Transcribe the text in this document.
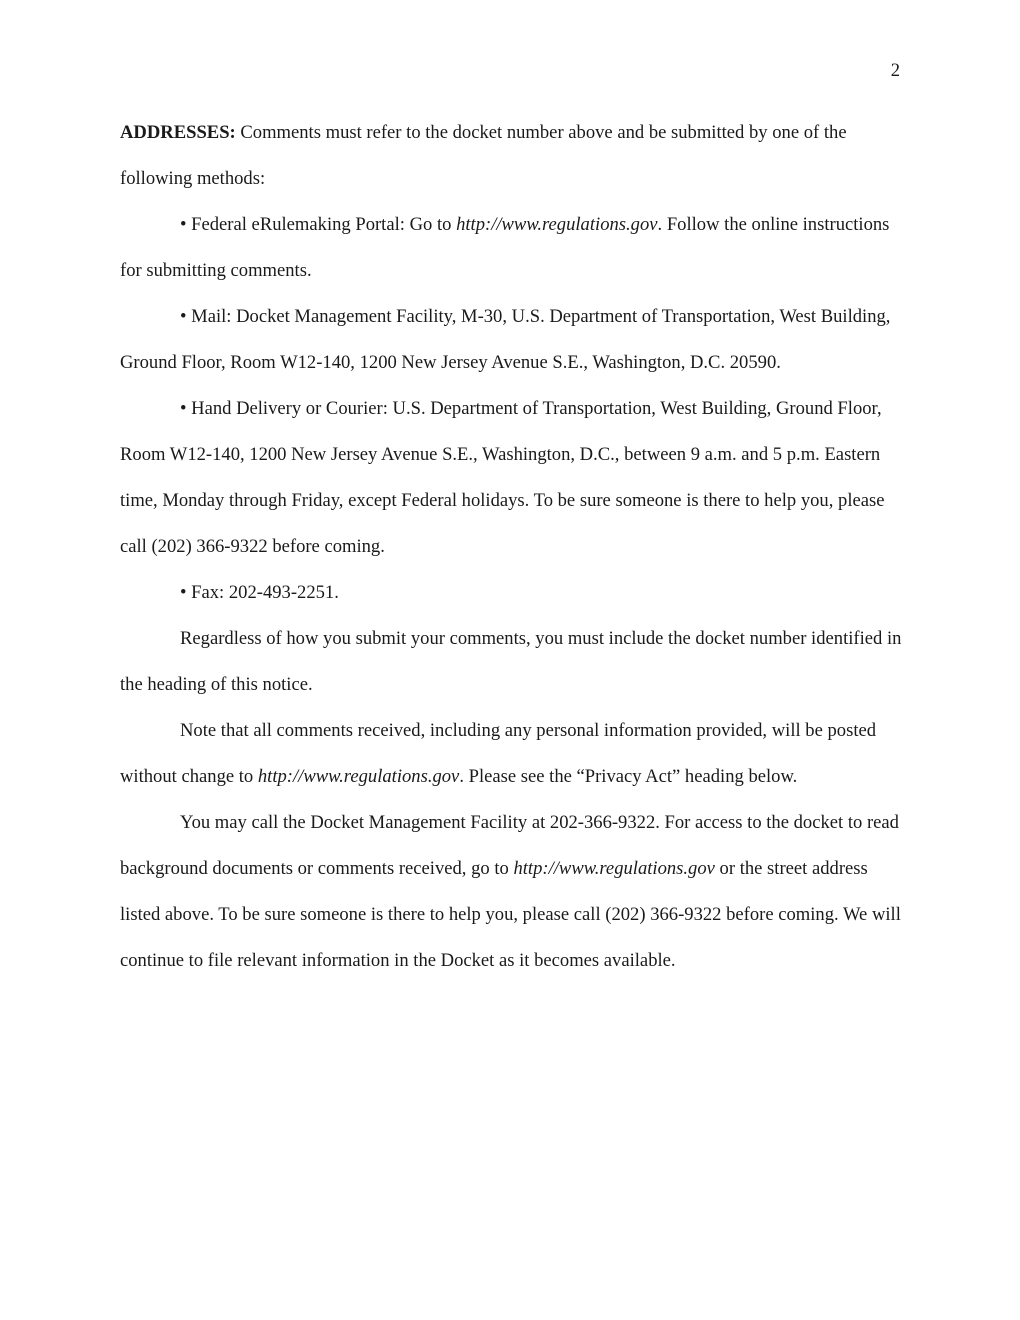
2

ADDRESSES: Comments must refer to the docket number above and be submitted by one of the following methods:

• Federal eRulemaking Portal: Go to http://www.regulations.gov. Follow the online instructions for submitting comments.

• Mail: Docket Management Facility, M-30, U.S. Department of Transportation, West Building, Ground Floor, Room W12-140, 1200 New Jersey Avenue S.E., Washington, D.C. 20590.

• Hand Delivery or Courier: U.S. Department of Transportation, West Building, Ground Floor, Room W12-140, 1200 New Jersey Avenue S.E., Washington, D.C., between 9 a.m. and 5 p.m. Eastern time, Monday through Friday, except Federal holidays. To be sure someone is there to help you, please call (202) 366-9322 before coming.

• Fax: 202-493-2251.

Regardless of how you submit your comments, you must include the docket number identified in the heading of this notice.

Note that all comments received, including any personal information provided, will be posted without change to http://www.regulations.gov. Please see the “Privacy Act” heading below.

You may call the Docket Management Facility at 202-366-9322. For access to the docket to read background documents or comments received, go to http://www.regulations.gov or the street address listed above. To be sure someone is there to help you, please call (202) 366-9322 before coming. We will continue to file relevant information in the Docket as it becomes available.
